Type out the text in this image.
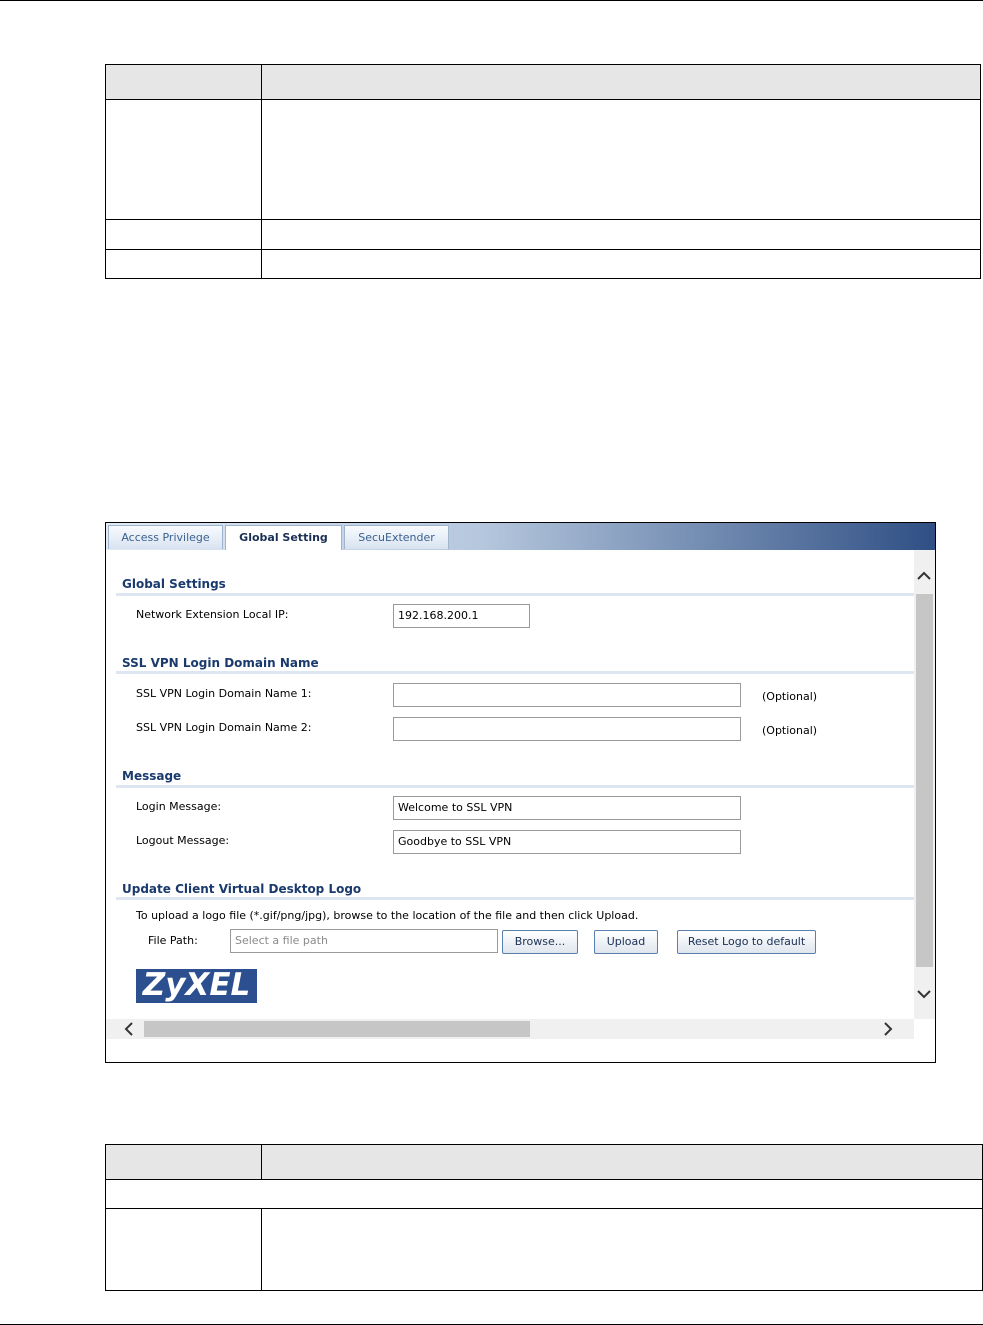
Access Privilege	Global Setting	SecuExtender
Global Settings
Network Extension Local IP:	192.168.200.1
SSL VPN Login Domain Name
SSL VPN Login Domain Name 1:	(Optional)
SSL VPN Login Domain Name 2:	(Optional)
Message
Login Message:	Welcome to SSL VPN
Logout Message:	Goodbye to SSL VPN
Update Client Virtual Desktop Logo
To upload a logo file (*.gif/png/jpg), browse to the location of the file and then click Upload.
File Path:	Select a file path	Browse...	Upload	Reset Logo to default
ZyXEL
